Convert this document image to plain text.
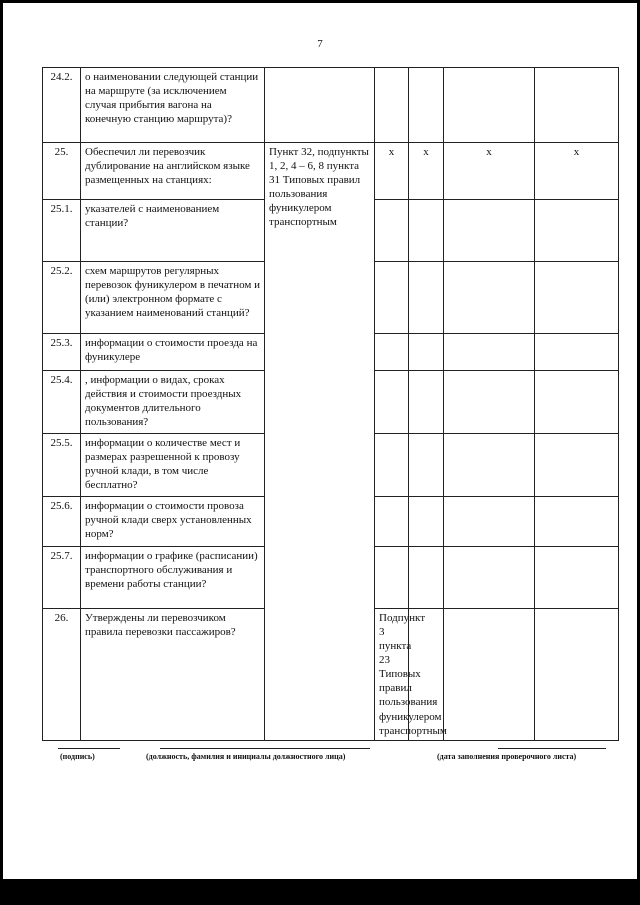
7
24.2.	о наименовании следующей станции на маршруте (за исключением случая прибытия вагона на конечную станцию маршрута)?						
25.	Обеспечил ли перевозчик дублирование на английском языке размещенных на станциях:	Пункт 32, подпункты 1, 2, 4 – 6, 8 пункта 31 Типовых правил пользования фуникулером транспортным	х	х	х	х	
25.1.	указателей с наименованием станции?						
25.2.	схем маршрутов регулярных перевозок фуникулером в печатном и (или) электронном формате с указанием наименований станций?						
25.3.	информации о стоимости проезда на фуникулере						
25.4.	, информации о видах, сроках действия и стоимости проездных документов длительного пользования?						
25.5.	информации о количестве мест и размерах разрешенной к провозу ручной клади, в том числе бесплатно?						
25.6.	информации о стоимости провоза ручной клади сверх установленных норм?						
25.7.	информации о графике (расписании) транспортного обслуживания и времени работы станции?						
26.	Утверждены ли перевозчиком правила перевозки пассажиров?		Подпункт 3 пункта 23 Типовых правил пользования фуникулером транспортным				
(подпись)	(должность, фамилия и инициалы должностного лица)	(дата заполнения проверочного листа)
